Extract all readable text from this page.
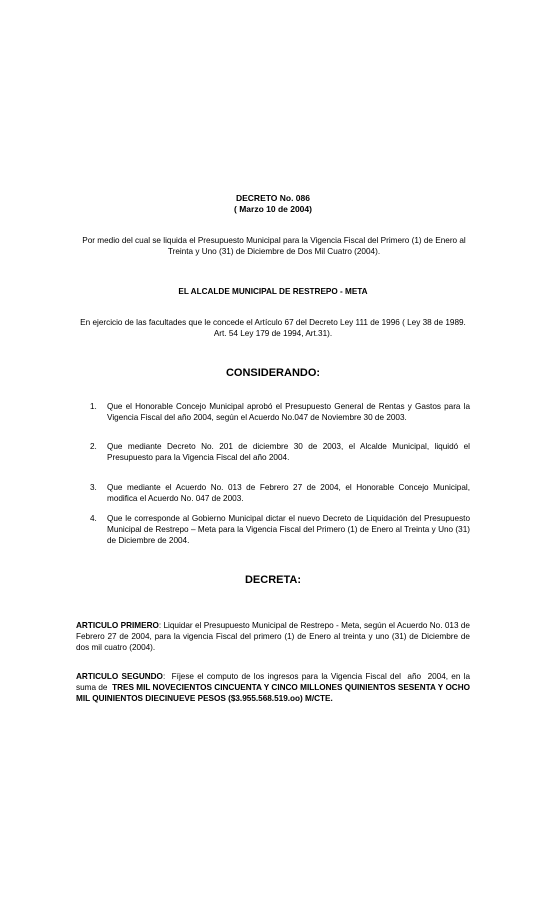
DECRETO No. 086
( Marzo 10 de 2004)
Por medio del cual se liquida el Presupuesto Municipal para la Vigencia Fiscal del Primero (1) de Enero al Treinta y Uno (31) de Diciembre de Dos Mil Cuatro (2004).
EL ALCALDE MUNICIPAL DE RESTREPO - META
En ejercicio de las facultades que le concede el Artículo 67 del Decreto Ley 111 de 1996 ( Ley 38 de 1989. Art. 54 Ley 179 de 1994, Art.31).
CONSIDERANDO:
1.	Que el Honorable Concejo Municipal aprobó el Presupuesto General de Rentas y Gastos para la Vigencia Fiscal del año 2004, según el Acuerdo No.047 de Noviembre 30 de 2003.
2.	Que mediante Decreto No. 201 de diciembre 30 de 2003, el Alcalde Municipal, liquidó el Presupuesto para la Vigencia Fiscal del año 2004.
3.	Que mediante el Acuerdo No. 013 de Febrero 27 de 2004, el Honorable Concejo Municipal, modifica el Acuerdo No. 047 de 2003.
4.	Que le corresponde al Gobierno Municipal dictar el nuevo Decreto de Liquidación del Presupuesto Municipal de Restrepo – Meta para la Vigencia Fiscal del Primero (1) de Enero al Treinta y Uno (31) de Diciembre de 2004.
DECRETA:
ARTICULO PRIMERO: Liquidar el Presupuesto Municipal de Restrepo - Meta, según el Acuerdo No. 013 de Febrero 27 de 2004, para la vigencia Fiscal del primero (1) de Enero al treinta y uno (31) de Diciembre de dos mil cuatro (2004).
ARTICULO SEGUNDO:  Fíjese el computo de los ingresos para la Vigencia Fiscal del  año  2004, en la suma de  TRES MIL NOVECIENTOS CINCUENTA Y CINCO MILLONES QUINIENTOS SESENTA Y OCHO MIL QUINIENTOS DIECINUEVE PESOS ($3.955.568.519.oo) M/CTE.
